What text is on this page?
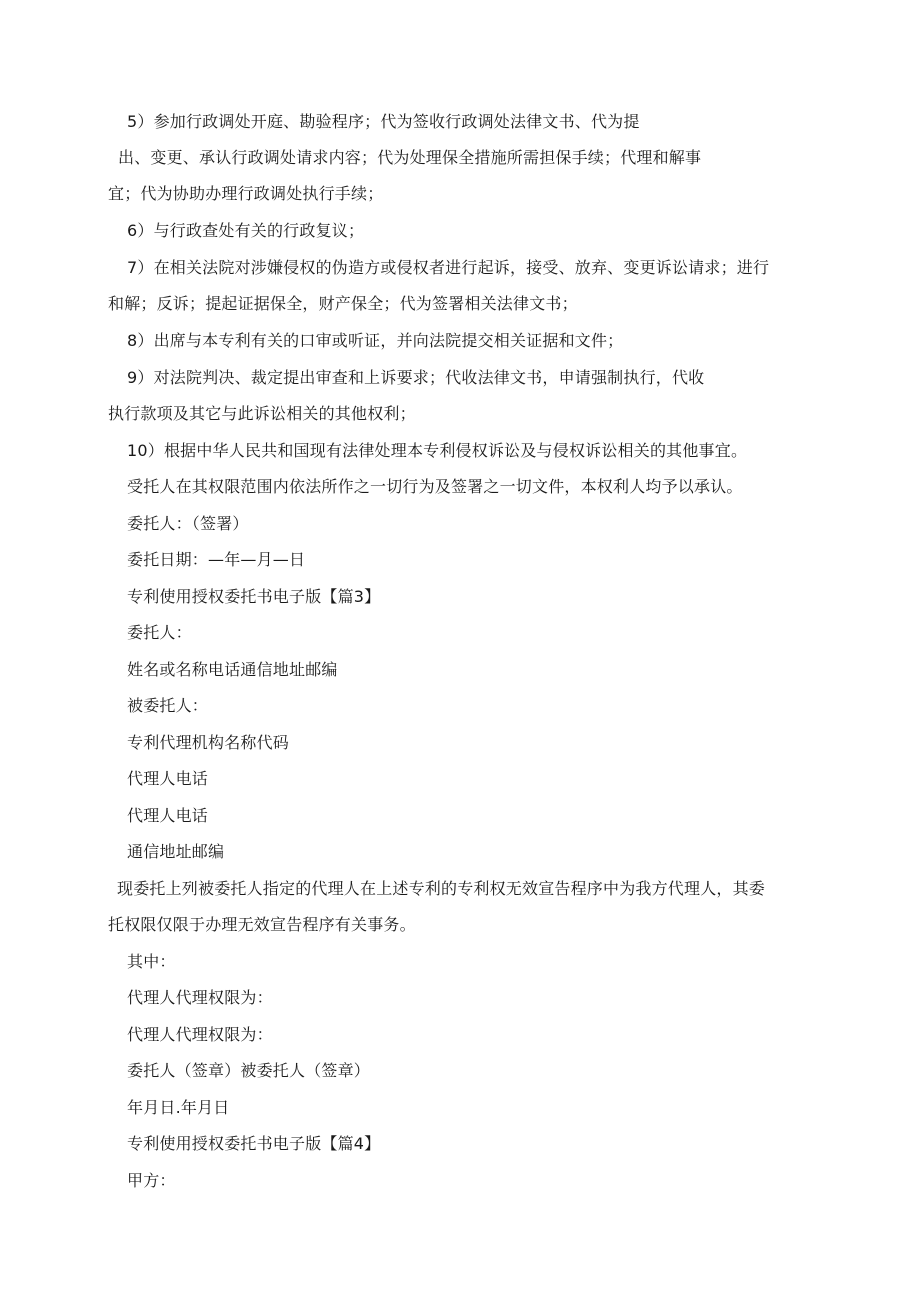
5）参加行政调处开庭、勘验程序；代为签收行政调处法律文书、代为提
出、变更、承认行政调处请求内容；代为处理保全措施所需担保手续；代理和解事
宜；代为协助办理行政调处执行手续；
6）与行政查处有关的行政复议；
7）在相关法院对涉嫌侵权的伪造方或侵权者进行起诉，接受、放弃、变更诉讼请求；进行
和解；反诉；提起证据保全，财产保全；代为签署相关法律文书；
8）出席与本专利有关的口审或听证，并向法院提交相关证据和文件；
9）对法院判决、裁定提出审查和上诉要求；代收法律文书，申请强制执行，代收
执行款项及其它与此诉讼相关的其他权利；
10）根据中华人民共和国现有法律处理本专利侵权诉讼及与侵权诉讼相关的其他事宜。
受托人在其权限范围内依法所作之一切行为及签署之一切文件，本权利人均予以承认。
委托人：（签署）
委托日期：—年—月—日
专利使用授权委托书电子版【篇3】
委托人：
姓名或名称电话通信地址邮编
被委托人：
专利代理机构名称代码
代理人电话
代理人电话
通信地址邮编
现委托上列被委托人指定的代理人在上述专利的专利权无效宣告程序中为我方代理人，其委
托权限仅限于办理无效宣告程序有关事务。
其中：
代理人代理权限为：
代理人代理权限为：
委托人（签章）被委托人（签章）
年月日.年月日
专利使用授权委托书电子版【篇4】
甲方：
